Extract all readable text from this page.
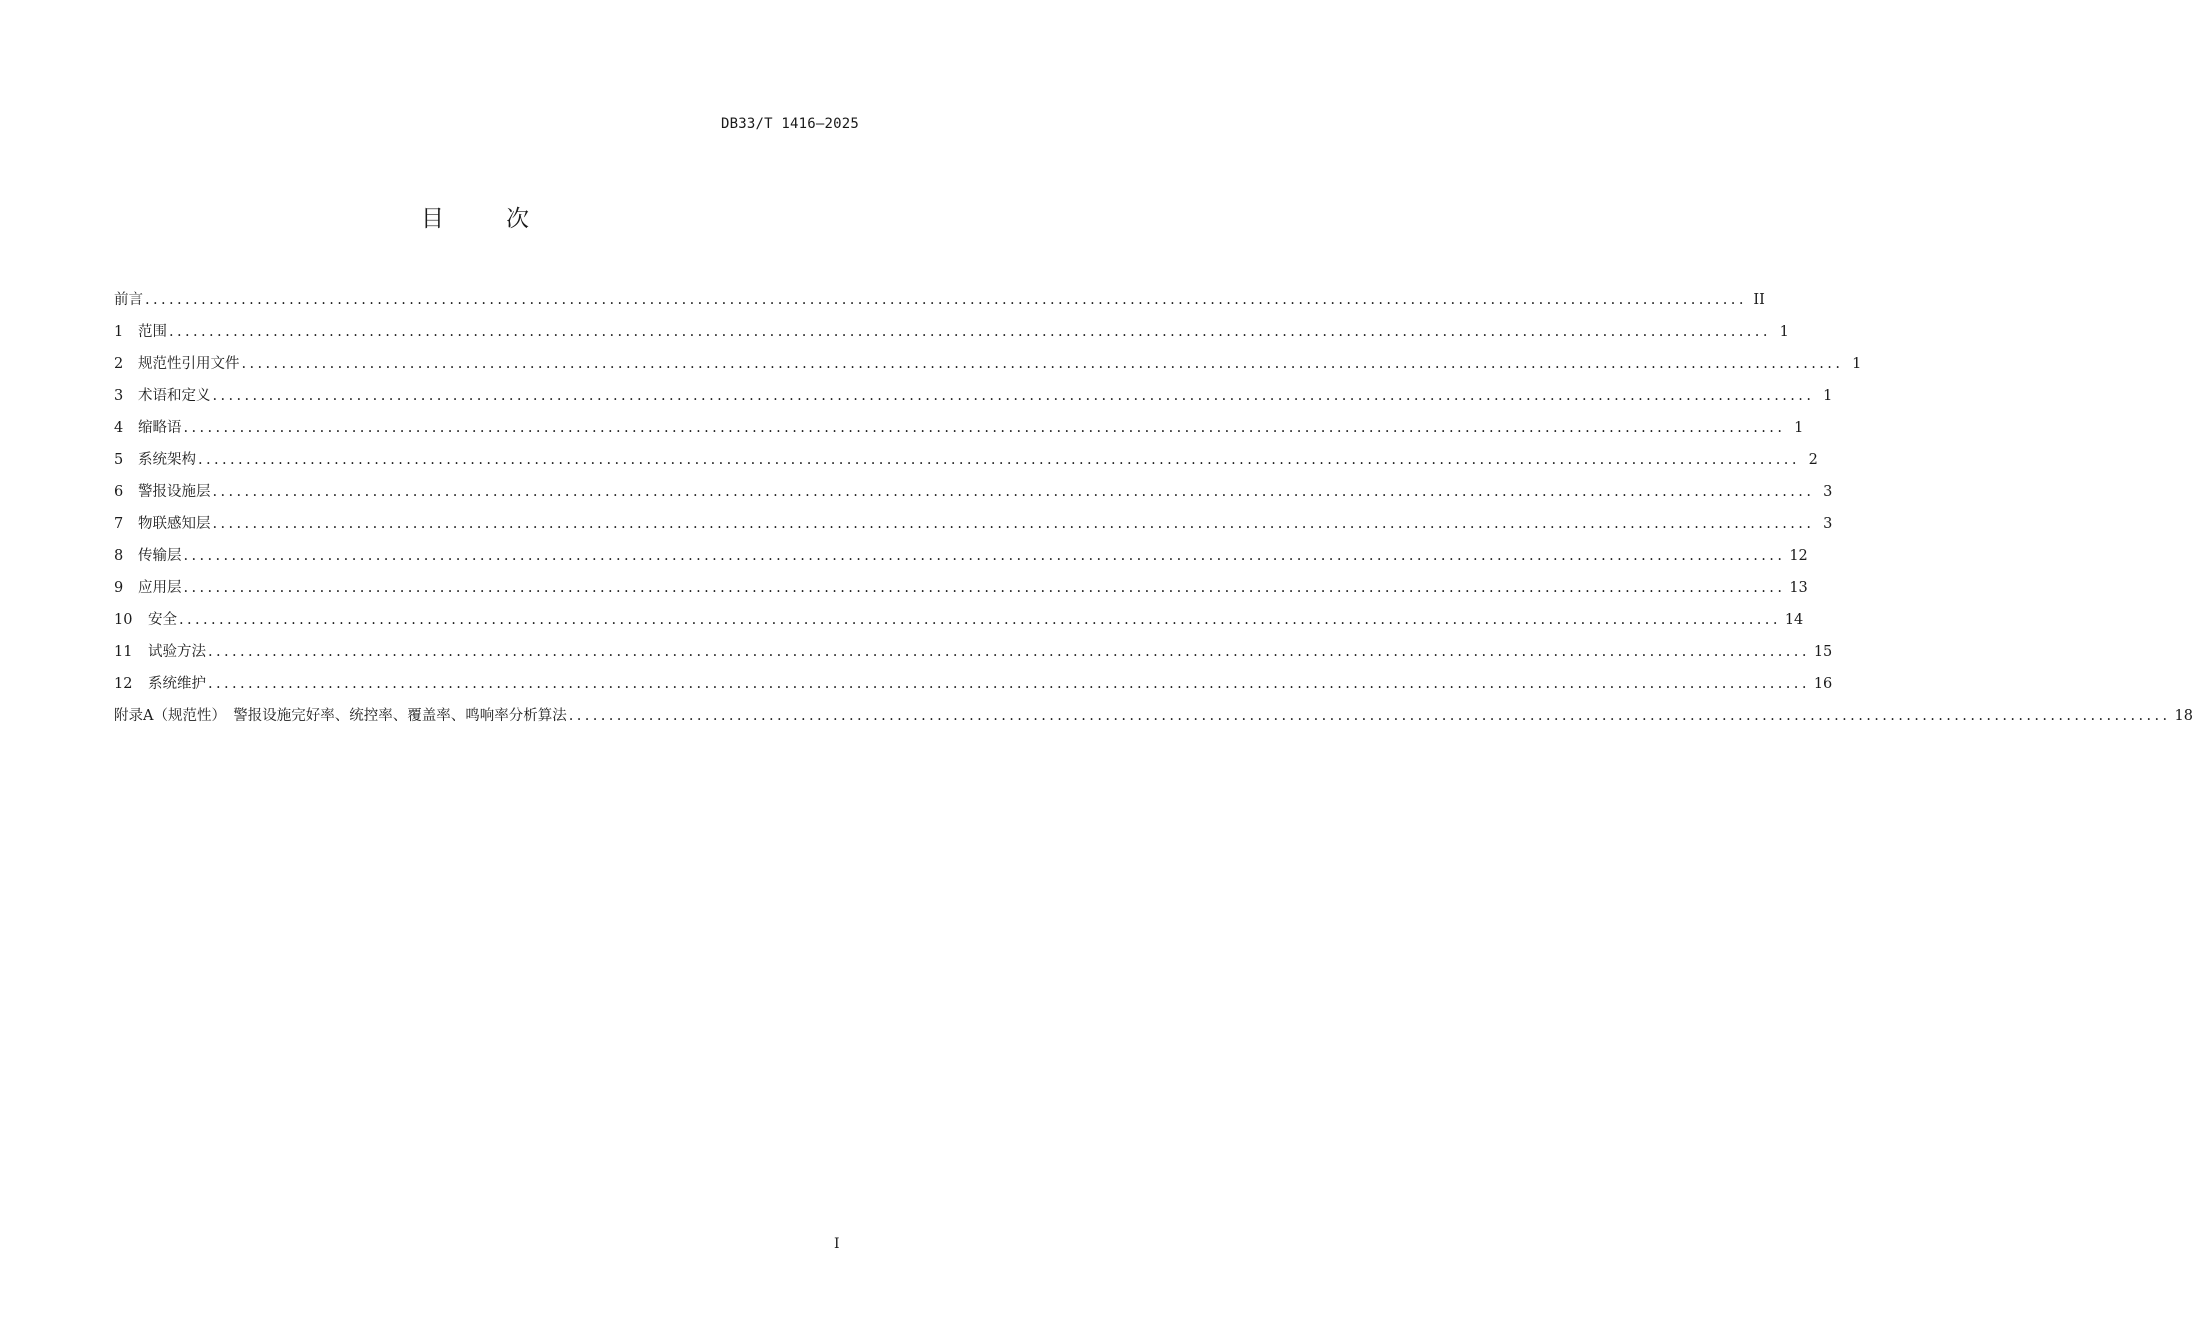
DB33/T 1416—2025
目次
前言 ........................................................................................................................................................................................................ II
1	范围 ........................................................................................................................................................................................................ 1
2	规范性引用文件 ........................................................................................................................................................................................................ 1
3	术语和定义 ........................................................................................................................................................................................................ 1
4	缩略语 ........................................................................................................................................................................................................ 1
5	系统架构 ........................................................................................................................................................................................................ 2
6	警报设施层 ........................................................................................................................................................................................................ 3
7	物联感知层 ........................................................................................................................................................................................................ 3
8	传输层 ........................................................................................................................................................................................................ 12
9	应用层 ........................................................................................................................................................................................................ 13
10	安全 ........................................................................................................................................................................................................ 14
11	试验方法 ........................................................................................................................................................................................................ 15
12	系统维护 ........................................................................................................................................................................................................ 16
附录A（规范性）　警报设施完好率、统控率、覆盖率、鸣响率分析算法 ........................................................................................................................................................................................................ 18
I
